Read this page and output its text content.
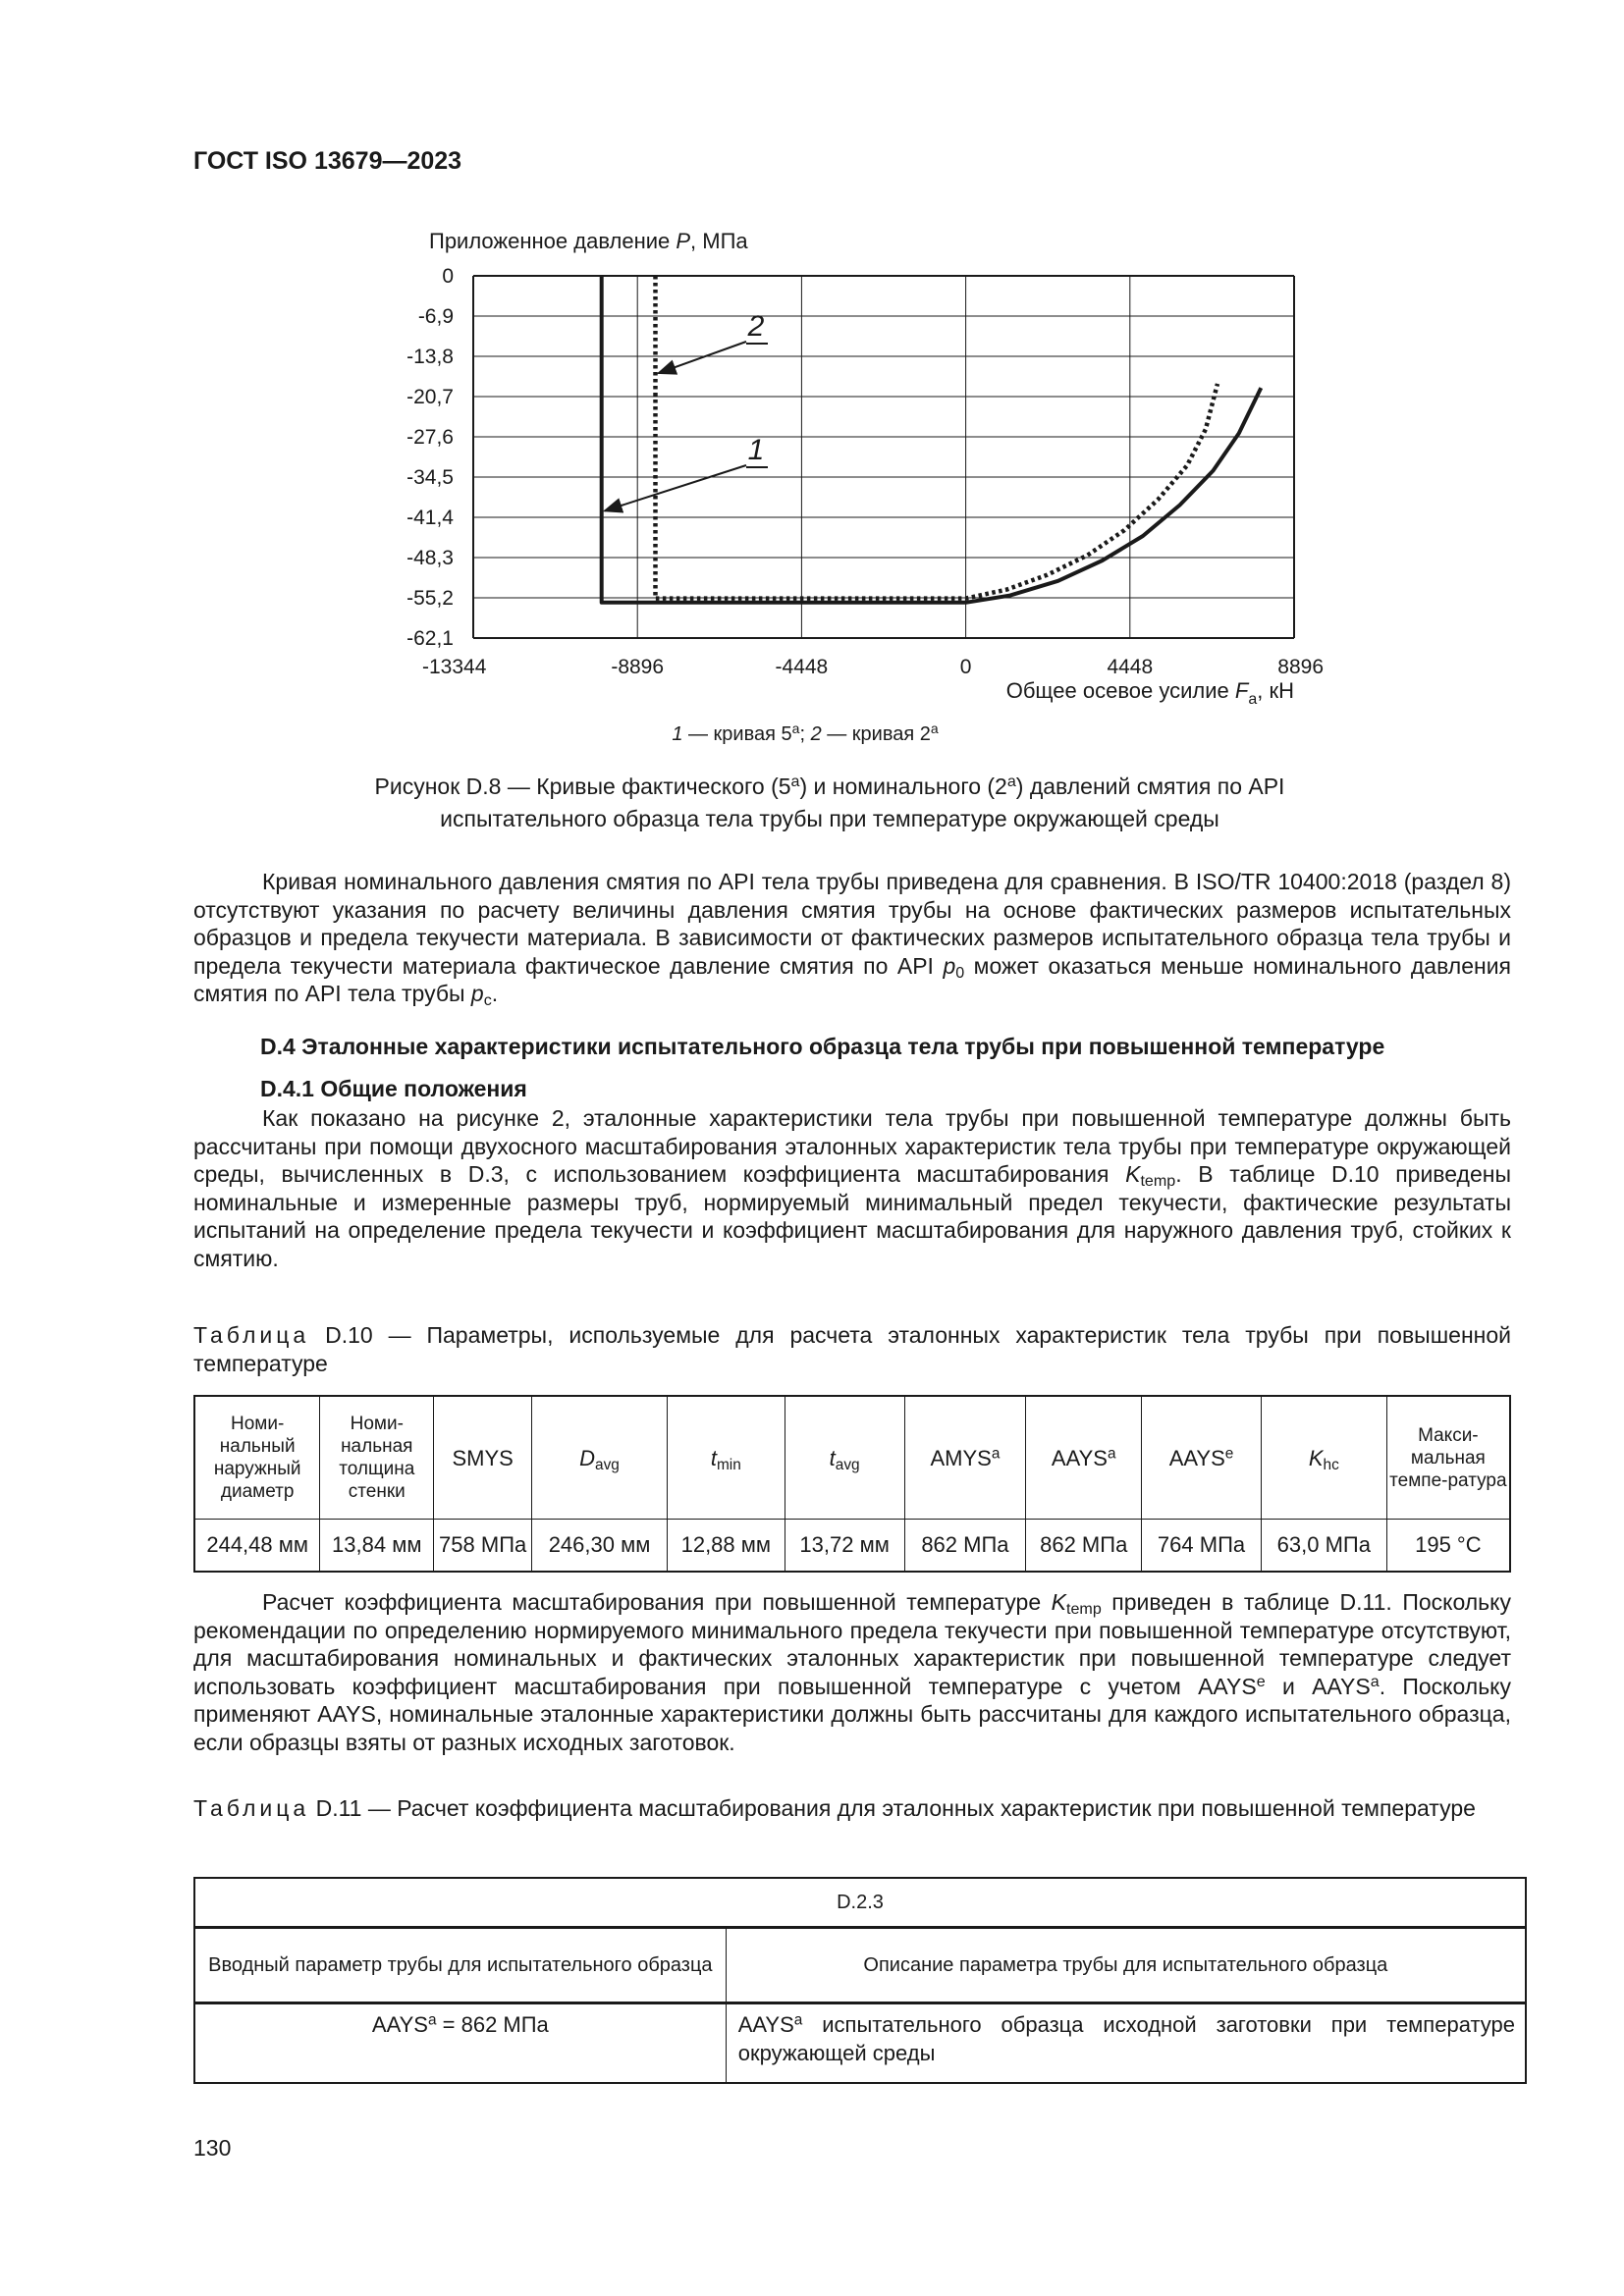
ГОСТ ISO 13679—2023
Приложенное давление P, МПа
0
-6,9
-13,8
-20,7
-27,6
-34,5
-41,4
-48,3
-55,2
-62,1
-13344	-8896	-4448	0	4448	8896
2
1
Общее осевое усилие $F_a$, кН
1 — кривая 5$^a$; 2 — кривая 2$^a$
Рисунок D.8 — Кривые фактического (5$^a$) и номинального (2$^a$) давлений смятия по API испытательного образца тела трубы при температуре окружающей среды
Кривая номинального давления смятия по API тела трубы приведена для сравнения. В ISO/TR 10400:2018 (раздел 8) отсутствуют указания по расчету величины давления смятия трубы на основе фактических размеров испытательных образцов и предела текучести материала. В зависимости от фактических размеров испытательного образца тела трубы и предела текучести материала фактическое давление смятия по API $p_0$ может оказаться меньше номинального давления смятия по API тела трубы $p_c$.
D.4 Эталонные характеристики испытательного образца тела трубы при повышенной температуре
D.4.1 Общие положения
Как показано на рисунке 2, эталонные характеристики тела трубы при повышенной температуре должны быть рассчитаны при помощи двухосного масштабирования эталонных характеристик тела трубы при температуре окружающей среды, вычисленных в D.3, с использованием коэффициента масштабирования $K_{temp}$. В таблице D.10 приведены номинальные и измеренные размеры труб, нормируемый минимальный предел текучести, фактические результаты испытаний на определение предела текучести и коэффициент масштабирования для наружного давления труб, стойких к смятию.
Таблица D.10 — Параметры, используемые для расчета эталонных характеристик тела трубы при повышенной температуре
Номи-нальный наружный диаметр	Номи-нальная толщина стенки	SMYS	$D_{avg}$	$t_{min}$	$t_{avg}$	AMYS$^a$	AAYS$^a$	AAYS$^e$	$K_{hc}$	Макси-мальная темпе-ратура
244,48 мм	13,84 мм	758 МПа	246,30 мм	12,88 мм	13,72 мм	862 МПа	862 МПа	764 МПа	63,0 МПа	195 °С
Расчет коэффициента масштабирования при повышенной температуре $K_{temp}$ приведен в таблице D.11. Поскольку рекомендации по определению нормируемого минимального предела текучести при повышенной температуре отсутствуют, для масштабирования номинальных и фактических эталонных характеристик при повышенной температуре следует использовать коэффициент масштабирования при повышенной температуре с учетом AAYS$^e$ и AAYS$^a$. Поскольку применяют AAYS, номинальные эталонные характеристики должны быть рассчитаны для каждого испытательного образца, если образцы взяты от разных исходных заготовок.
Таблица D.11 — Расчет коэффициента масштабирования для эталонных характеристик при повышенной температуре
D.2.3	
Вводный параметр трубы для испытательного образца	Описание параметра трубы для испытательного образца
$AAYS^a = 862$ МПа	AAYS$^a$ испытательного образца исходной заготовки при температуре окружающей среды
130
